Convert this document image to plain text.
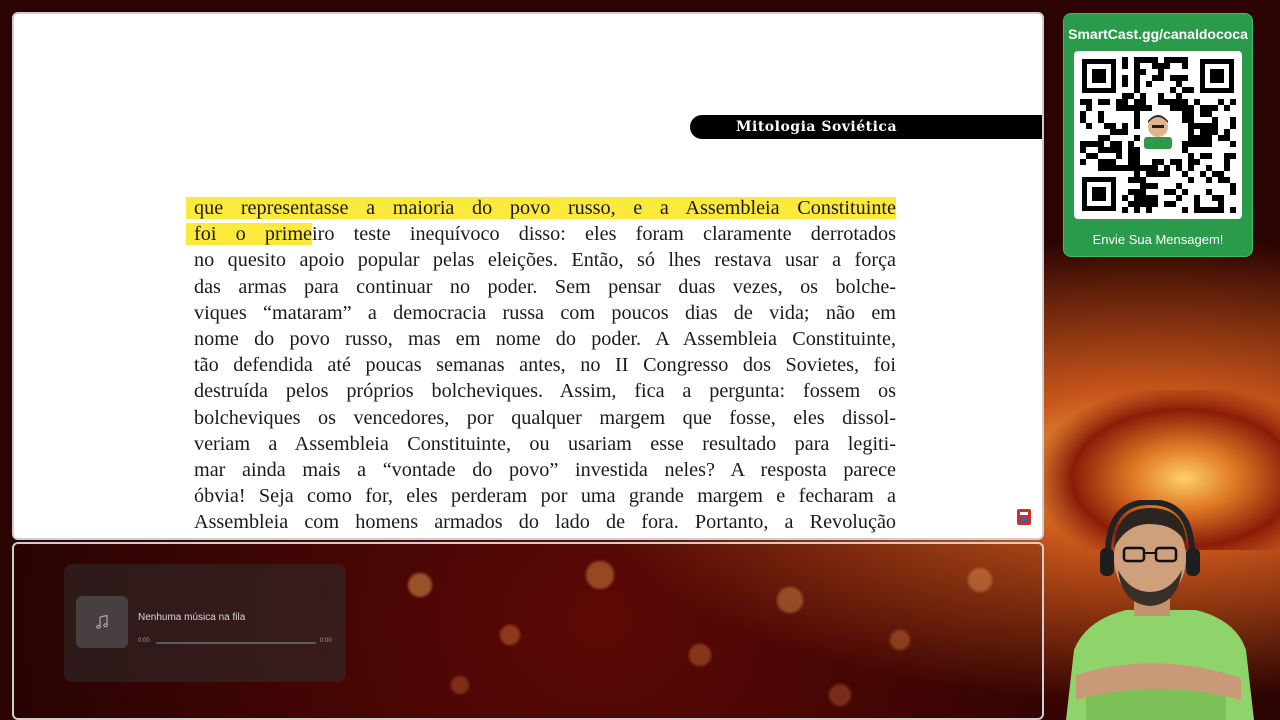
Mitologia Soviética
que representasse a maioria do povo russo, e a Assembleia Constituinte
foi o primeiro teste inequívoco disso: eles foram claramente derrotados
no quesito apoio popular pelas eleições. Então, só lhes restava usar a força
das armas para continuar no poder. Sem pensar duas vezes, os bolche-
viques “mataram” a democracia russa com poucos dias de vida; não em
nome do povo russo, mas em nome do poder. A Assembleia Constituinte,
tão defendida até poucas semanas antes, no II Congresso dos Sovietes, foi
destruída pelos próprios bolcheviques. Assim, fica a pergunta: fossem os
bolcheviques os vencedores, por qualquer margem que fosse, eles dissol-
veriam a Assembleia Constituinte, ou usariam esse resultado para legiti-
mar ainda mais a “vontade do povo” investida neles? A resposta parece
óbvia! Seja como for, eles perderam por uma grande margem e fecharam a
Assembleia com homens armados do lado de fora. Portanto, a Revolução
Nenhuma música na fila
0:00	0:00
SmartCast.gg/canaldococa
Envie Sua Mensagem!
